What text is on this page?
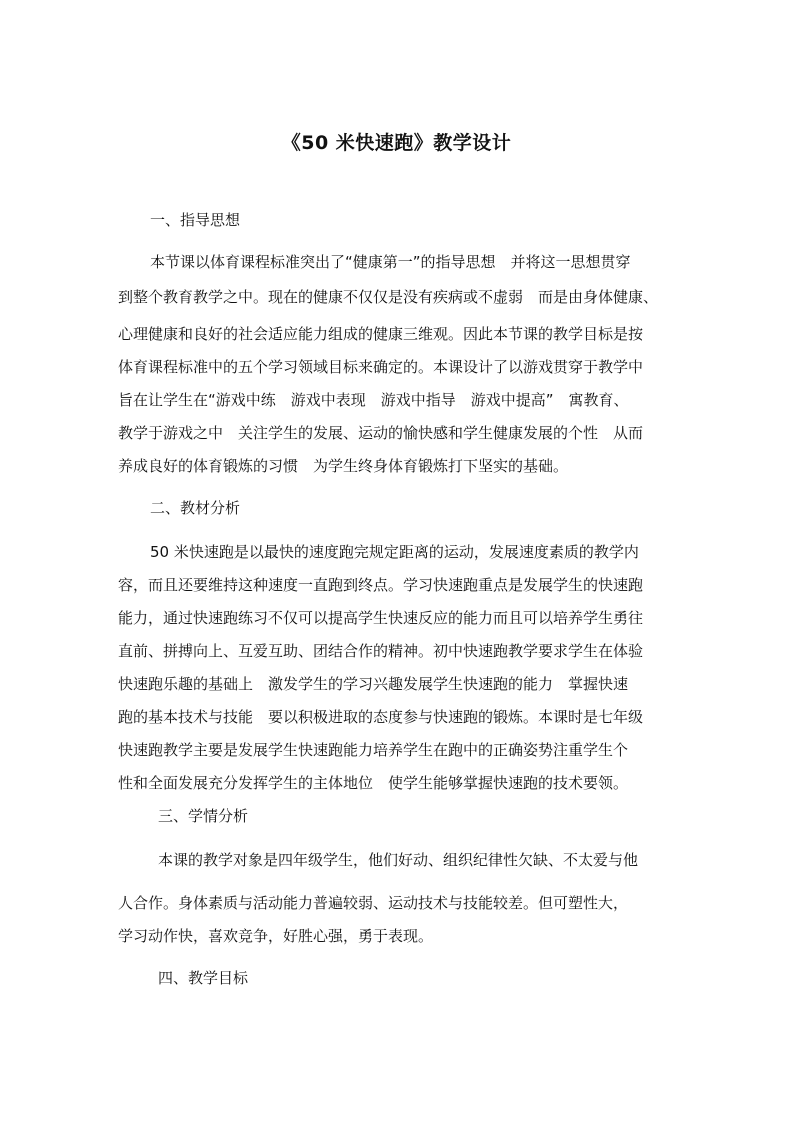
《50 米快速跑》教学设计
一、指导思想
本节课以体育课程标准突出了“健康第一”的指导思想　并将这一思想贯穿
到整个教育教学之中。现在的健康不仅仅是没有疾病或不虚弱　而是由身体健康、
心理健康和良好的社会适应能力组成的健康三维观。因此本节课的教学目标是按
体育课程标准中的五个学习领域目标来确定的。本课设计了以游戏贯穿于教学中
旨在让学生在“游戏中练　游戏中表现　游戏中指导　游戏中提高”　寓教育、
教学于游戏之中　关注学生的发展、运动的愉快感和学生健康发展的个性　从而
养成良好的体育锻炼的习惯　为学生终身体育锻炼打下坚实的基础。
二、教材分析
50 米快速跑是以最快的速度跑完规定距离的运动，发展速度素质的教学内
容，而且还要维持这种速度一直跑到终点。学习快速跑重点是发展学生的快速跑
能力，通过快速跑练习不仅可以提高学生快速反应的能力而且可以培养学生勇往
直前、拼搏向上、互爱互助、团结合作的精神。初中快速跑教学要求学生在体验
快速跑乐趣的基础上　激发学生的学习兴趣发展学生快速跑的能力　掌握快速
跑的基本技术与技能　要以积极进取的态度参与快速跑的锻炼。本课时是七年级
快速跑教学主要是发展学生快速跑能力培养学生在跑中的正确姿势注重学生个
性和全面发展充分发挥学生的主体地位　使学生能够掌握快速跑的技术要领。
三、学情分析
本课的教学对象是四年级学生，他们好动、组织纪律性欠缺、不太爱与他
人合作。身体素质与活动能力普遍较弱、运动技术与技能较差。但可塑性大，
学习动作快，喜欢竞争，好胜心强，勇于表现。
四、教学目标
